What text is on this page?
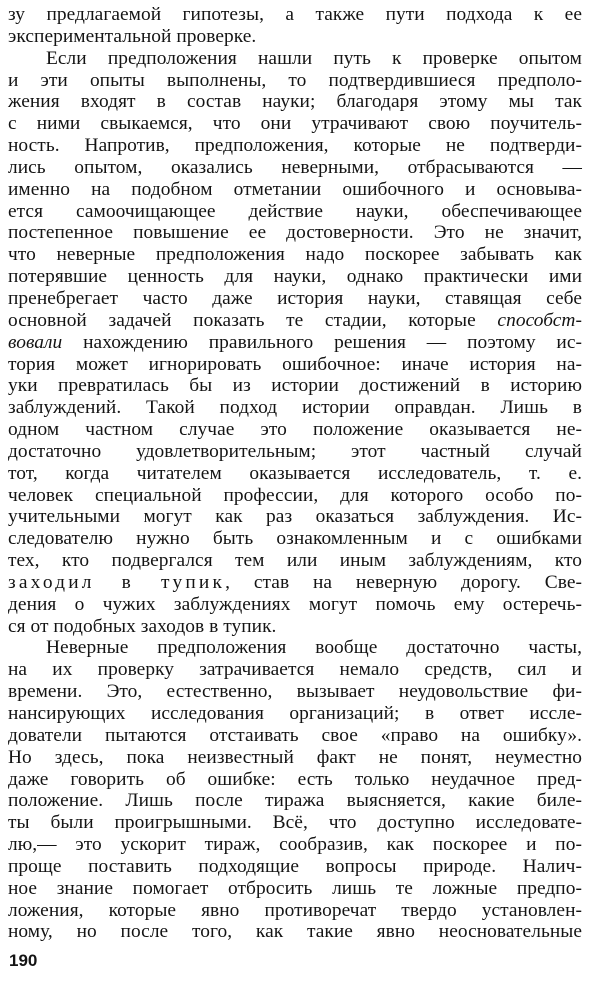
зу предлагаемой гипотезы, а также пути подхода к ее
экспериментальной проверке.
Если предположения нашли путь к проверке опытом
и эти опыты выполнены, то подтвердившиеся предполо-
жения входят в состав науки; благодаря этому мы так
с ними свыкаемся, что они утрачивают свою поучитель-
ность. Напротив, предположения, которые не подтверди-
лись опытом, оказались неверными, отбрасываются —
именно на подобном отметании ошибочного и основыва-
ется самоочищающее действие науки, обеспечивающее
постепенное повышение ее достоверности. Это не значит,
что неверные предположения надо поскорее забывать как
потерявшие ценность для науки, однако практически ими
пренебрегает часто даже история науки, ставящая себе
основной задачей показать те стадии, которые способст-
вовали нахождению правильного решения — поэтому ис-
тория может игнорировать ошибочное: иначе история на-
уки превратилась бы из истории достижений в историю
заблуждений. Такой подход истории оправдан. Лишь в
одном частном случае это положение оказывается не-
достаточно удовлетворительным; этот частный случай
тот, когда читателем оказывается исследователь, т. е.
человек специальной профессии, для которого особо по-
учительными могут как раз оказаться заблуждения. Ис-
следователю нужно быть ознакомленным и с ошибками
тех, кто подвергался тем или иным заблуждениям, кто
заходил в тупик, став на неверную дорогу. Све-
дения о чужих заблуждениях могут помочь ему остеречь-
ся от подобных заходов в тупик.
Неверные предположения вообще достаточно часты,
на их проверку затрачивается немало средств, сил и
времени. Это, естественно, вызывает неудовольствие фи-
нансирующих исследования организаций; в ответ иссле-
дователи пытаются отстаивать свое «право на ошибку».
Но здесь, пока неизвестный факт не понят, неуместно
даже говорить об ошибке: есть только неудачное пред-
положение. Лишь после тиража выясняется, какие биле-
ты были проигрышными. Всё, что доступно исследовате-
лю,— это ускорит тираж, сообразив, как поскорее и по-
проще поставить подходящие вопросы природе. Налич-
ное знание помогает отбросить лишь те ложные предпо-
ложения, которые явно противоречат твердо установлен-
ному, но после того, как такие явно неосновательные
190
